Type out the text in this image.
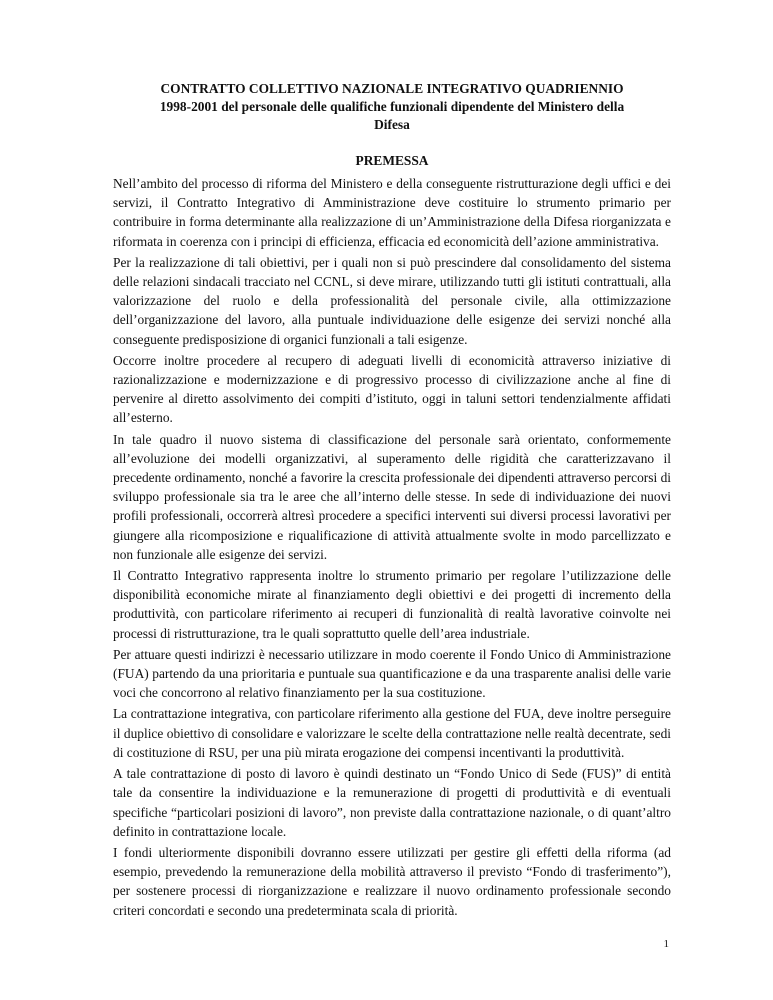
CONTRATTO COLLETTIVO NAZIONALE INTEGRATIVO QUADRIENNIO
1998-2001 del personale delle qualifiche funzionali dipendente del Ministero della
Difesa
PREMESSA

Nell’ambito del processo di riforma del Ministero e della conseguente ristrutturazione degli uffici e dei servizi, il Contratto Integrativo di Amministrazione deve costituire lo strumento primario per contribuire in forma determinante alla realizzazione di un’Amministrazione della Difesa riorganizzata e riformata in coerenza con i principi di efficienza, efficacia ed economicità dell’azione amministrativa.

Per la realizzazione di tali obiettivi, per i quali non si può prescindere dal consolidamento del sistema delle relazioni sindacali tracciato nel CCNL, si deve mirare, utilizzando tutti gli istituti contrattuali, alla valorizzazione del ruolo e della professionalità del personale civile, alla ottimizzazione dell’organizzazione del lavoro, alla puntuale individuazione delle esigenze dei servizi nonché alla conseguente predisposizione di organici funzionali a tali esigenze.

Occorre inoltre procedere al recupero di adeguati livelli di economicità attraverso iniziative di razionalizzazione e modernizzazione e di progressivo processo di civilizzazione anche al fine di pervenire al diretto assolvimento dei compiti d’istituto, oggi in taluni settori tendenzialmente affidati all’esterno.

In tale quadro il nuovo sistema di classificazione del personale sarà orientato, conformemente all’evoluzione dei modelli organizzativi, al superamento delle rigidità che caratterizzavano il precedente ordinamento, nonché a favorire la crescita professionale dei dipendenti attraverso percorsi di sviluppo professionale sia tra le aree che all’interno delle stesse. In sede di individuazione dei nuovi profili professionali, occorrerà altresì procedere a specifici interventi sui diversi processi lavorativi per giungere alla ricomposizione e riqualificazione di attività attualmente svolte in modo parcellizzato e non funzionale alle esigenze dei servizi.

Il Contratto Integrativo rappresenta inoltre lo strumento primario per regolare l’utilizzazione delle disponibilità economiche mirate al finanziamento degli obiettivi e dei progetti di incremento della produttività, con particolare riferimento ai recuperi di funzionalità di realtà lavorative coinvolte nei processi di ristrutturazione, tra le quali soprattutto quelle dell’area industriale.

Per attuare questi indirizzi è necessario utilizzare in modo coerente il Fondo Unico di Amministrazione (FUA) partendo da una prioritaria e puntuale sua quantificazione e da una trasparente analisi delle varie voci che concorrono al relativo finanziamento per la sua costituzione.

La contrattazione integrativa, con particolare riferimento alla gestione del FUA, deve inoltre perseguire il duplice obiettivo di consolidare e valorizzare le scelte della contrattazione nelle realtà decentrate, sedi di costituzione di RSU, per una più mirata erogazione dei compensi incentivanti la produttività.

A tale contrattazione di posto di lavoro è quindi destinato un “Fondo Unico di Sede (FUS)” di entità tale da consentire la individuazione e la remunerazione di progetti di produttività e di eventuali specifiche “particolari posizioni di lavoro”, non previste dalla contrattazione nazionale, o di quant’altro definito in contrattazione locale.

I fondi ulteriormente disponibili dovranno essere utilizzati per gestire gli effetti della riforma (ad esempio, prevedendo la remunerazione della mobilità attraverso il previsto “Fondo di trasferimento”), per sostenere processi di riorganizzazione e realizzare il nuovo ordinamento professionale secondo criteri concordati e secondo una predeterminata scala di priorità.

1
